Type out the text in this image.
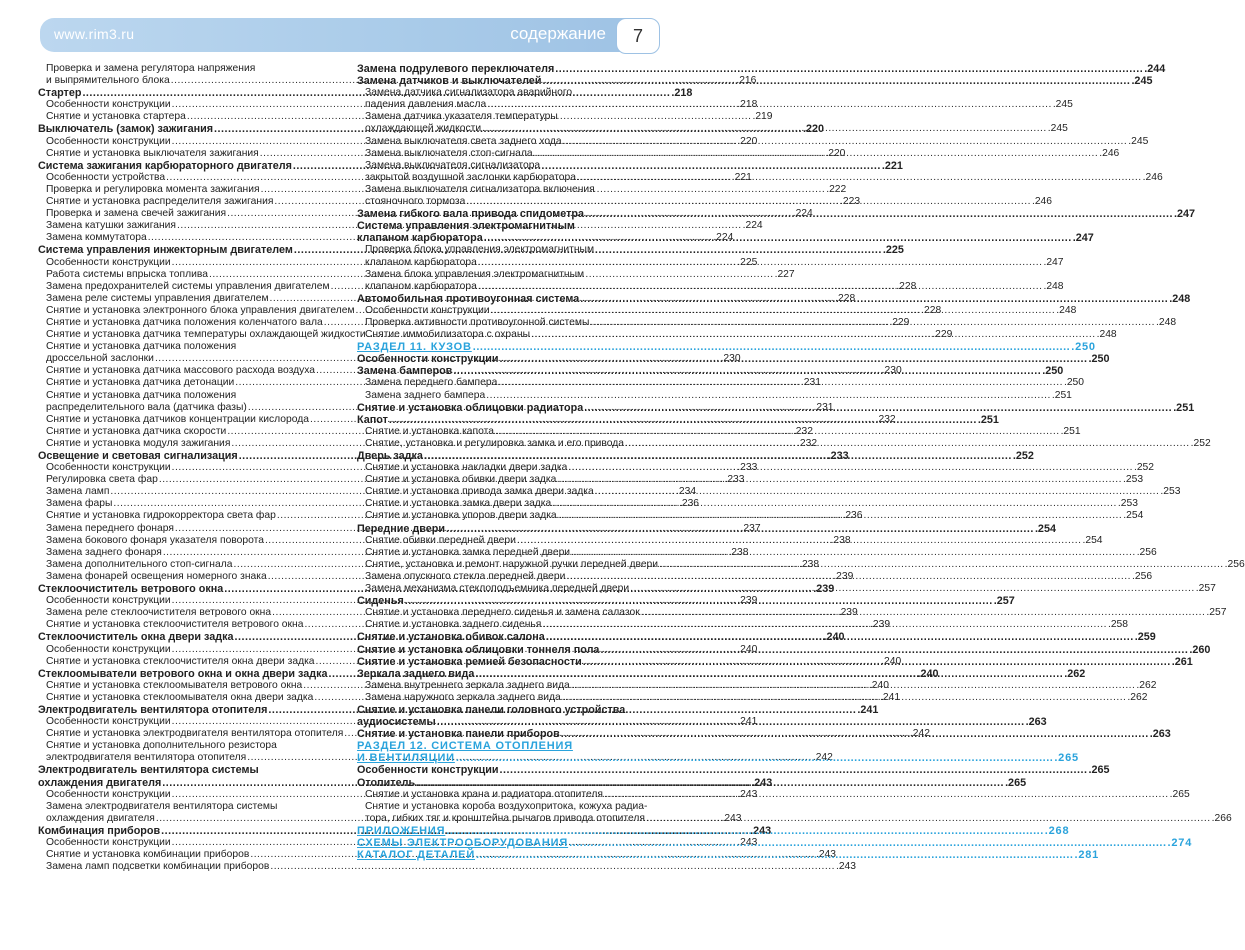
www.rim3.ru	содержание	7
Проверка и замена регулятора напряжения
и выпрямительного блока .....	.216
Стартер .....	.218
Особенности конструкции .....	.218
Снятие и установка стартера .....	.219
Выключатель (замок) зажигания .....	.220
Особенности конструкции .....	.220
Снятие и установка выключателя зажигания .....	.220
Система зажигания карбюраторного двигателя .....	.221
Особенности устройства .....	.221
Проверка и регулировка момента зажигания .....	.222
Снятие и установка распределителя зажигания .....	.223
Проверка и замена свечей зажигания .....	.224
Замена катушки зажигания .....	.224
Замена коммутатора .....	.224
Система управления инжекторным двигателем .....	.225
Особенности конструкции .....	.225
Работа системы впрыска топлива .....	.227
Замена предохранителей системы управления двигателем .....	.228
Замена реле системы управления двигателем .....	.228
Снятие и установка электронного блока управления двигателем .....	.228
Снятие и установка датчика положения коленчатого вала .....	.229
Снятие и установка датчика температуры охлаждающей жидкости .....	.229
Снятие и установка датчика положения
дроссельной заслонки .....	.230
Снятие и установка датчика массового расхода воздуха .....	.230
Снятие и установка датчика детонации .....	.231
Снятие и установка датчика положения
распределительного вала (датчика фазы) .....	.231
Снятие и установка датчиков концентрации кислорода .....	.232
Снятие и установка датчика скорости .....	.232
Снятие и установка модуля зажигания .....	.232
Освещение и световая сигнализация .....	.233
Особенности конструкции .....	.233
Регулировка света фар .....	.233
Замена ламп .....	.234
Замена фары .....	.236
Снятие и установка гидрокорректора света фар .....	.236
Замена переднего фонаря .....	.237
Замена бокового фонаря указателя поворота .....	.238
Замена заднего фонаря .....	.238
Замена дополнительного стоп-сигнала .....	.238
Замена фонарей освещения номерного знака .....	.239
Стеклоочиститель ветрового окна .....	.239
Особенности конструкции .....	.239
Замена реле стеклоочистителя ветрового окна .....	.239
Снятие и установка стеклоочистителя ветрового окна .....	.239
Стеклоочиститель окна двери задка .....	.240
Особенности конструкции .....	.240
Снятие и установка стеклоочистителя окна двери задка .....	.240
Стеклоомыватели ветрового окна и окна двери задка .....	.240
Снятие и установка стеклоомывателя ветрового окна .....	.240
Снятие и установка стеклоомывателя окна двери задка .....	.241
Электродвигатель вентилятора отопителя .....	.241
Особенности конструкции .....	.241
Снятие и установка электродвигателя вентилятора отопителя .....	.242
Снятие и установка дополнительного резистора
электродвигателя вентилятора отопителя .....	.242
Электродвигатель вентилятора системы
охлаждения двигателя .....	.243
Особенности конструкции .....	.243
Замена электродвигателя вентилятора системы
охлаждения двигателя .....	.243
Комбинация приборов .....	.243
Особенности конструкции .....	.243
Снятие и установка комбинации приборов .....	.243
Замена ламп подсветки комбинации приборов .....	.243
Замена подрулевого переключателя .....	.244
Замена датчиков и выключателей .....	.245
Замена датчика сигнализатора аварийного
падения давления масла .....	.245
Замена датчика указателя температуры
охлаждающей жидкости .....	.245
Замена выключателя света заднего хода .....	.245
Замена выключателя стоп-сигнала .....	.246
Замена выключателя сигнализатора
закрытой воздушной заслонки карбюратора .....	.246
Замена выключателя сигнализатора включения
стояночного тормоза .....	.246
Замена гибкого вала привода спидометра .....	.247
Система управления электромагнитным
клапаном карбюратора .....	.247
Проверка блока управления электромагнитным
клапаном карбюратора .....	.247
Замена блока управления электромагнитным
клапаном карбюратора .....	.248
Автомобильная противоугонная система .....	.248
Особенности конструкции .....	.248
Проверка активности противоугонной системы .....	.248
Снятие иммобилизатора с охраны .....	.248
РАЗДЕЛ 11. КУЗОВ .....	.250
Особенности конструкции .....	.250
Замена бамперов .....	.250
Замена переднего бампера .....	.250
Замена заднего бампера .....	.251
Снятие и установка облицовки радиатора .....	.251
Капот .....	.251
Снятие и установка капота .....	.251
Снятие, установка и регулировка замка и его привода .....	.252
Дверь задка .....	.252
Снятие и установка накладки двери задка .....	.252
Снятие и установка обивки двери задка .....	.253
Снятие и установка привода замка двери задка .....	.253
Снятие и установка замка двери задка .....	.253
Снятие и установка упоров двери задка .....	.254
Передние двери .....	.254
Снятие обивки передней двери .....	.254
Снятие и установка замка передней двери .....	.256
Снятие, установка и ремонт наружной ручки передней двери .....	.256
Замена опускного стекла передней двери .....	.256
Замена механизма стеклоподъемника передней двери .....	.257
Сиденья .....	.257
Снятие и установка переднего сиденья и замена салазок .....	.257
Снятие и установка заднего сиденья .....	.258
Снятие и установка обивок салона .....	.259
Снятие и установка облицовки тоннеля пола .....	.260
Снятие и установка ремней безопасности .....	.261
Зеркала заднего вида .....	.262
Замена внутреннего зеркала заднего вида .....	.262
Замена наружного зеркала заднего вида .....	.262
Снятие и установка панели головного устройства
аудиосистемы .....	.263
Снятие и установка панели приборов .....	.263
РАЗДЕЛ 12. СИСТЕМА ОТОПЛЕНИЯ
И ВЕНТИЛЯЦИИ .....	.265
Особенности конструкции .....	.265
Отопитель .....	.265
Снятие и установка крана и радиатора отопителя .....	.265
Снятие и установка короба воздухопритока, кожуха радиа-
тора, гибких тяг и кронштейна рычагов привода отопителя .....	.266
ПРИЛОЖЕНИЯ .....	.268
СХЕМЫ ЭЛЕКТРООБОРУДОВАНИЯ .....	.274
КАТАЛОГ ДЕТАЛЕЙ .....	.281
